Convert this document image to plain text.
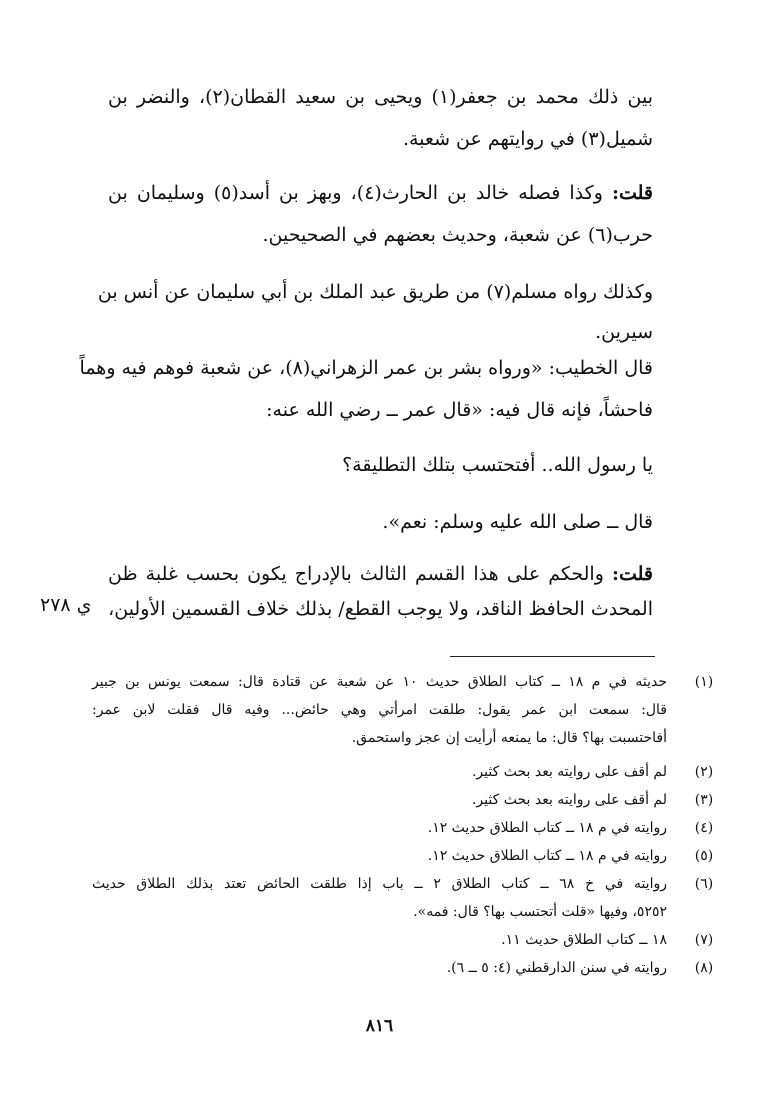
بين ذلك محمد بن جعفر(١) ويحيى بن سعيد القطان(٢)، والنضر بن
شميل(٣) في روايتهم عن شعبة.
قلت: وكذا فصله خالد بن الحارث(٤)، وبهز بن أسد(٥) وسليمان بن
حرب(٦) عن شعبة، وحديث بعضهم في الصحيحين.
وكذلك رواه مسلم(٧) من طريق عبد الملك بن أبي سليمان عن أنس بن
سيرين.
قال الخطيب: «ورواه بشر بن عمر الزهراني(٨)، عن شعبة فوهم فيه وهماً
فاحشاً، فإنه قال فيه: «قال عمر ــ رضي الله عنه:
يا رسول الله.. أفتحتسب بتلك التطليقة؟
قال ــ صلى الله عليه وسلم: نعم».
قلت: والحكم على هذا القسم الثالث بالإدراج يكون بحسب غلبة ظن
المحدث الحافظ الناقد، ولا يوجب القطع/ بذلك خلاف القسمين الأولين،
ي ٢٧٨
(١)
حديثه في م ١٨ ــ كتاب الطلاق حديث ١٠ عن شعبة عن قتادة قال: سمعت يونس بن جبير
قال: سمعت ابن عمر يقول: طلقت امرأتي وهي حائض... وفيه قال فقلت لابن عمر:
أفاحتسبت بها؟ قال: ما يمنعه أرأيت إن عجز واستحمق.
(٢)
لم أقف على روايته بعد بحث كثير.
(٣)
لم أقف على روايته بعد بحث كثير.
(٤)
روايته في م ١٨ ــ كتاب الطلاق حديث ١٢.
(٥)
روايته في م ١٨ ــ كتاب الطلاق حديث ١٢.
(٦)
روايته في خ ٦٨ ــ كتاب الطلاق ٢ ــ باب إذا طلقت الحائض تعتد بذلك الطلاق حديث
٥٢٥٢، وفيها «قلت أتحتسب بها؟ قال: فمه».
(٧)
١٨ ــ كتاب الطلاق حديث ١١.
(٨)
روايته في سنن الدارقطني (٤: ٥ ــ ٦).
٨١٦
